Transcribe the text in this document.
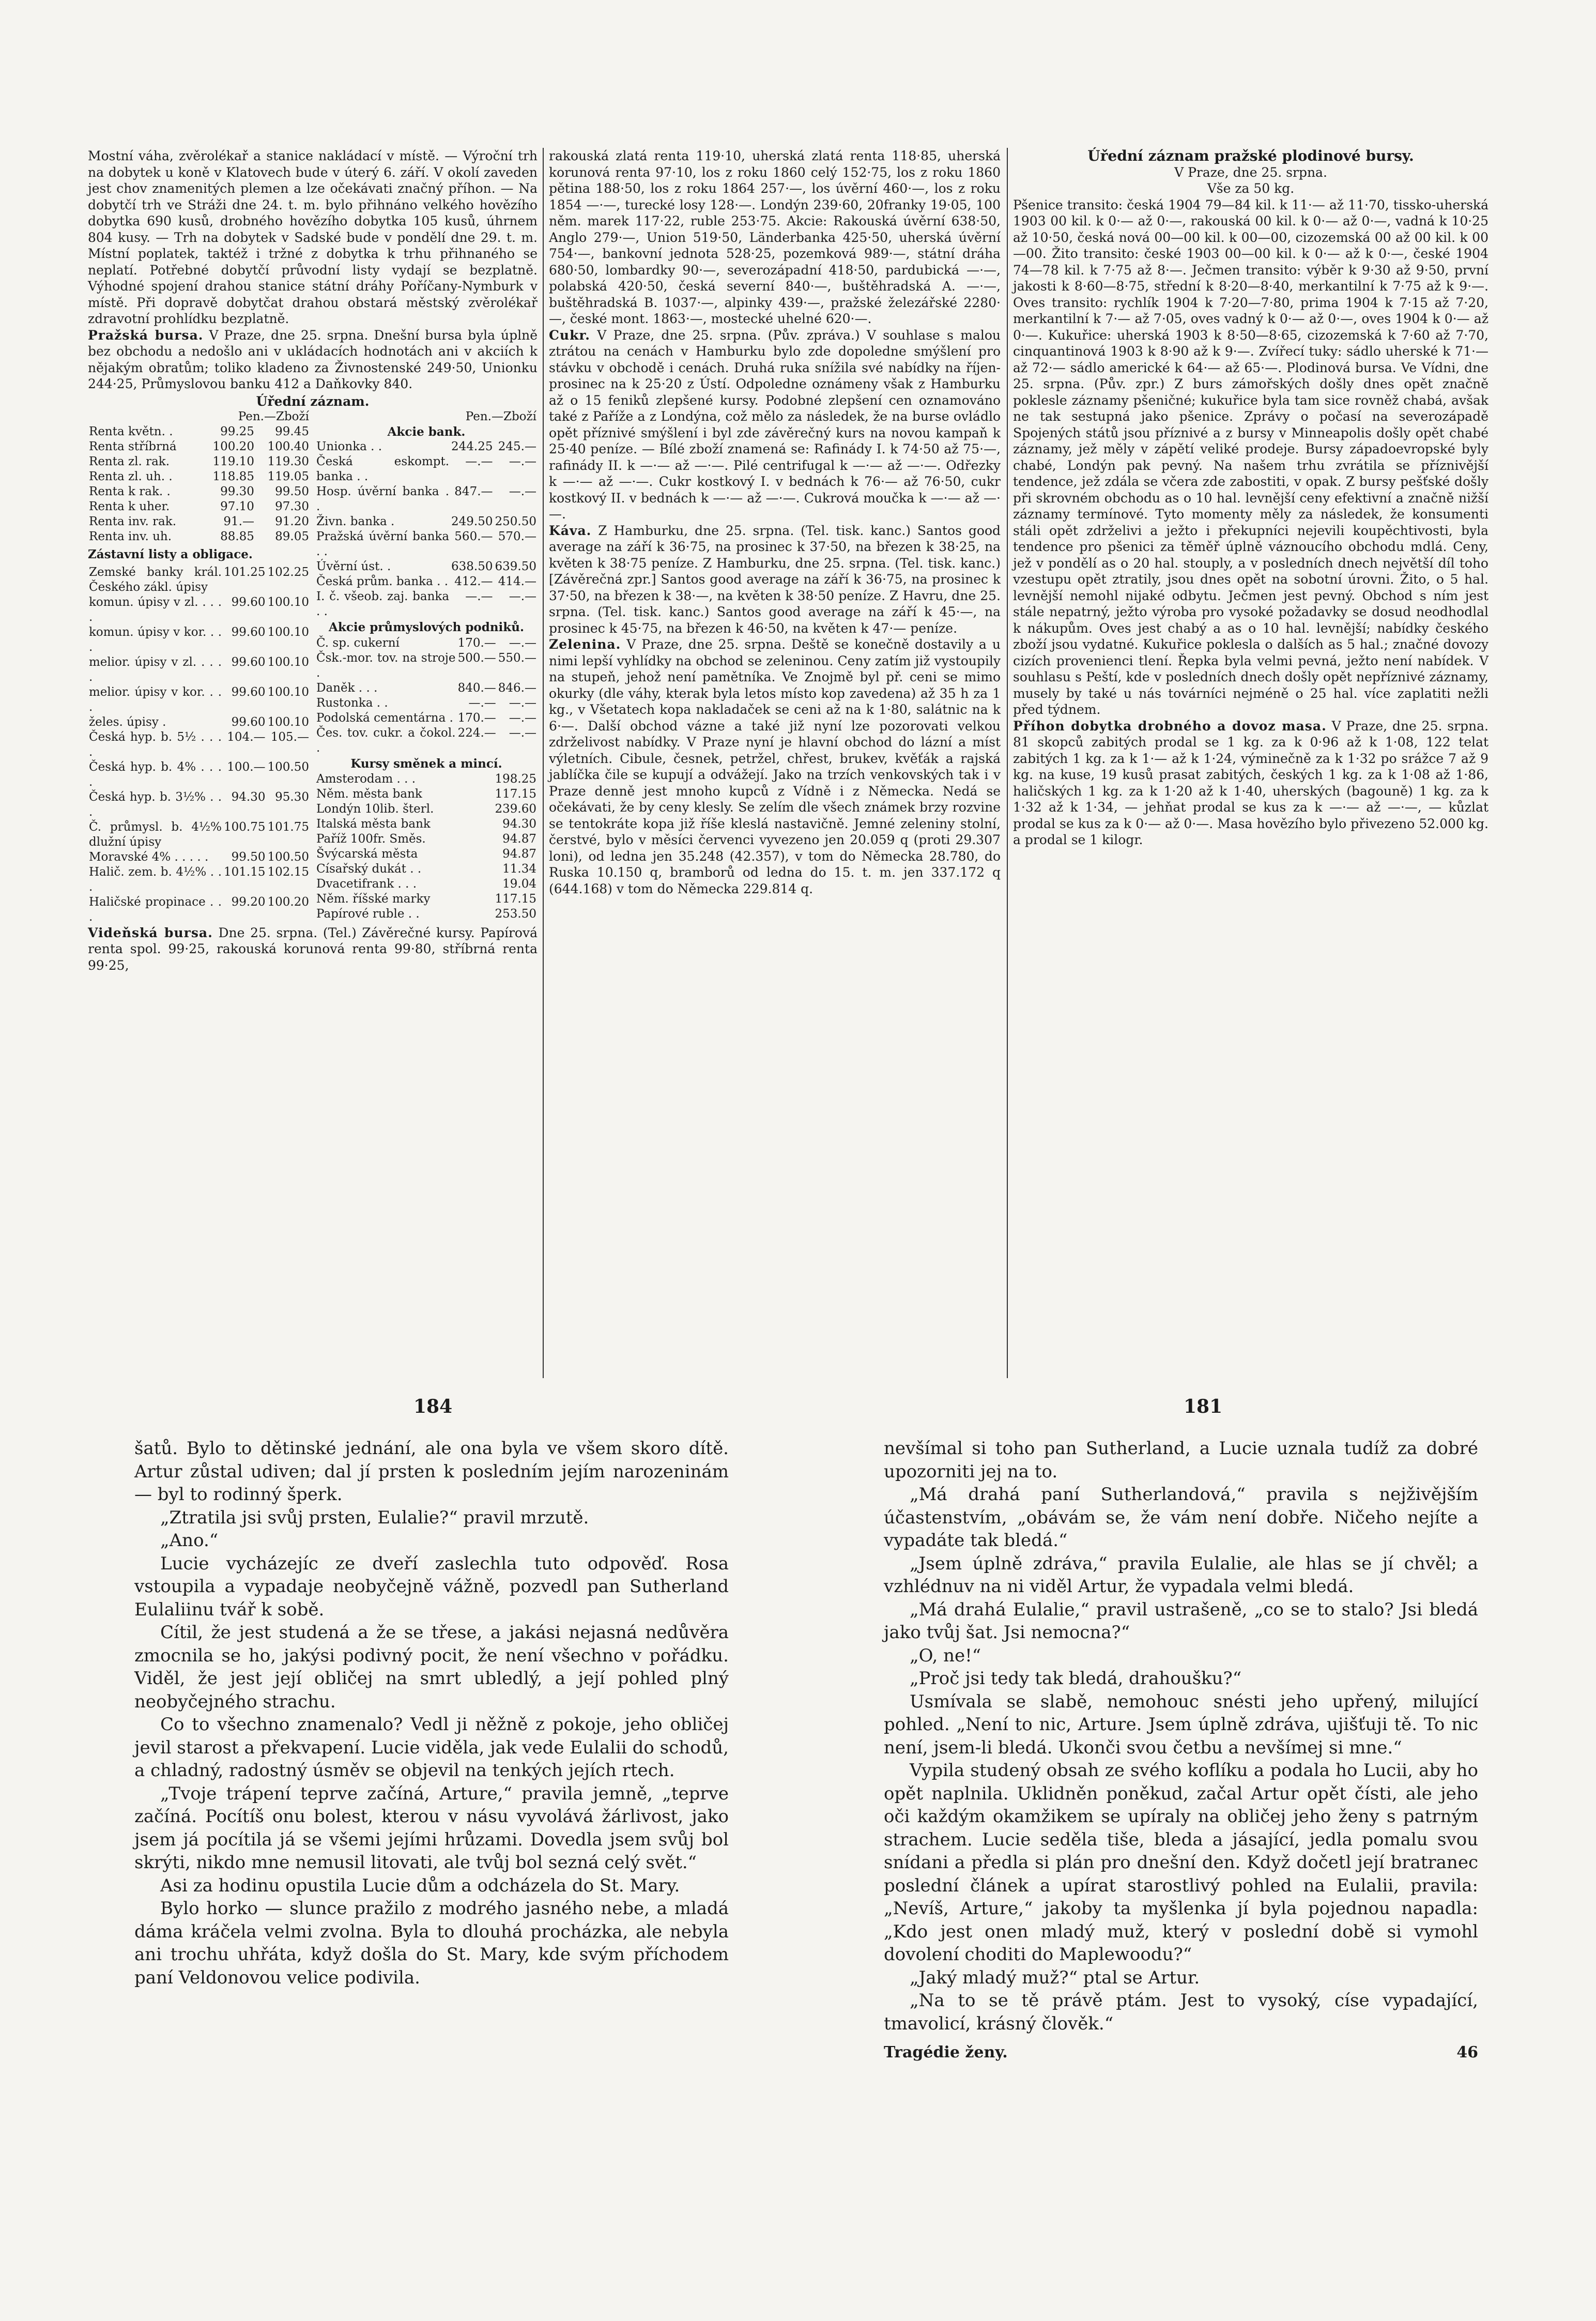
Mostní váha, zvěrolékař a stanice nakládací v místě. — Výroční trh na dobytek u koně v Klatovech bude v úterý 6. září. V okolí zaveden jest chov znamenitých plemen a lze očekávati značný příhon. — Na dobytčí trh ve Stráži dne 24. t. m. bylo přihnáno velkého hovězího dobytka 690 kusů, drobného hovězího dobytka 105 kusů, úhrnem 804 kusy. — Trh na dobytek v Sadské bude v pondělí dne 29. t. m. Místní poplatek, taktéž i tržné z dobytka k trhu přihnaného se neplatí. Potřebné dobytčí průvodní listy vydají se bezplatně. Výhodné spojení drahou stanice státní dráhy Poříčany-Nymburk v místě. Při dopravě dobytčat drahou obstará městský zvěrolékař zdravotní prohlídku bezplatně.

Pražská bursa. V Praze, dne 25. srpna. Dnešní bursa byla úplně bez obchodu a nedošlo ani v ukládacích hodnotách ani v akciích k nějakým obratům; toliko kladeno za Živnostenské 249·50, Unionku 244·25, Průmyslovou banku 412 a Daňkovky 840.

Úřední záznam.

	Pen.—Zboží	
Renta květn. .	99.25	99.45
Renta stříbrná	100.20	100.40
Renta zl. rak.	119.10	119.30
Renta zl. uh. .	118.85	119.05
Renta k rak. .	99.30	99.50
Renta k uher.	97.10	97.30
Renta inv. rak.	91.—	91.20
Renta inv. uh.	88.85	89.05
Zástavní listy a obligace.
Zemské banky král. Českého zákl. úpisy	101.25	102.25
komun. úpisy v zl. . . . .	99.60	100.10
komun. úpisy v kor. . . .	99.60	100.10
melior. úpisy v zl. . . . .	99.60	100.10
melior. úpisy v kor. . . .	99.60	100.10
želes. úpisy .	99.60	100.10
Česká hyp. b. 5½ . . . .	104.—	105.—
Česká hyp. b. 4% . . . .	100.—	100.50
Česká hyp. b. 3½% . . .	94.30	95.30
Č. průmysl. b. 4½% dlužní úpisy	100.75	101.75
Moravské 4% . . . . .	99.50	100.50
Halič. zem. b. 4½% . . .	101.15	102.15
Haličské propinace . . .	99.20	100.20
	Pen.—Zboží	
Akcie bank.		
Unionka . .	244.25	245.—
Česká eskompt. banka . .	—.—	—.—
Hosp. úvěrní banka . .	847.—	—.—
Živn. banka .	249.50	250.50
Pražská úvěrní banka . .	560.—	570.—
Úvěrní úst. .	638.50	639.50
Česká prům. banka . .	412.—	414.—
I. č. všeob. zaj. banka . .	—.—	—.—
Akcie průmyslových podniků.
Č. sp. cukerní	170.—	—.—
Čsk.-mor. tov. na stroje .	500.—	550.—
Daněk . . .	840.—	846.—
Rustonka . .	—.—	—.—
Podolská cementárna .	170.—	—.—
Čes. tov. cukr. a čokol. .	224.—	—.—
Kursy směnek a mincí.
Amsterodam . . .	198.25
Něm. města bank	117.15
Londýn 10lib. šterl.	239.60
Italská města bank	94.30
Paříž 100fr. Směs.	94.87
Švýcarská města	94.87
Císařský dukát . .	11.34
Dvacetifrank . . .	19.04
Něm. říšské marky	117.15
Papírové ruble . .	253.50

Videňská bursa. Dne 25. srpna. (Tel.) Závěrečné kursy. Papírová renta spol. 99·25, rakouská korunová renta 99·80, stříbrná renta 99·25,

rakouská zlatá renta 119·10, uherská zlatá renta 118·85, uherská korunová renta 97·10, los z roku 1860 celý 152·75, los z roku 1860 pětina 188·50, los z roku 1864 257·—, los úvěrní 460·—, los z roku 1854 —·—, turecké losy 128·—. Londýn 239·60, 20franky 19·05, 100 něm. marek 117·22, ruble 253·75. Akcie: Rakouská úvěrní 638·50, Anglo 279·—, Union 519·50, Länderbanka 425·50, uherská úvěrní 754·—, bankovní jednota 528·25, pozemková 989·—, státní dráha 680·50, lombardky 90·—, severozápadní 418·50, pardubická —·—, polabská 420·50, česká severní 840·—, buštěhradská A. —·—, buštěhradská B. 1037·—, alpinky 439·—, pražské železářské 2280·—, české mont. 1863·—, mostecké uhelné 620·—.

Cukr. V Praze, dne 25. srpna. (Pův. zpráva.) V souhlase s malou ztrátou na cenách v Hamburku bylo zde dopoledne smýšlení pro stávku v obchodě i cenách. Druhá ruka snížila své nabídky na říjen-prosinec na k 25·20 z Ústí. Odpoledne oznámeny však z Hamburku až o 15 feniků zlepšené kursy. Podobné zlepšení cen oznamováno také z Paříže a z Londýna, což mělo za následek, že na burse ovládlo opět příznivé smýšlení i byl zde závěrečný kurs na novou kampaň k 25·40 peníze. — Bílé zboží znamená se: Rafinády I. k 74·50 až 75·—, rafinády II. k —·— až —·—. Pilé centrifugal k —·— až —·—. Odřezky k —·— až —·—. Cukr kostkový I. v bednách k 76·— až 76·50, cukr kostkový II. v bednách k —·— až —·—. Cukrová moučka k —·— až —·—.

Káva. Z Hamburku, dne 25. srpna. (Tel. tisk. kanc.) Santos good average na září k 36·75, na prosinec k 37·50, na březen k 38·25, na květen k 38·75 peníze. Z Hamburku, dne 25. srpna. (Tel. tisk. kanc.) [Závěrečná zpr.] Santos good average na září k 36·75, na prosinec k 37·50, na březen k 38·—, na květen k 38·50 peníze. Z Havru, dne 25. srpna. (Tel. tisk. kanc.) Santos good average na září k 45·—, na prosinec k 45·75, na březen k 46·50, na květen k 47·— peníze.

Zelenina. V Praze, dne 25. srpna. Deště se konečně dostavily a u nimi lepší vyhlídky na obchod se zeleninou. Ceny zatím již vystoupily na stupeň, jehož není pamětníka. Ve Znojmě byl př. ceni se mimo okurky (dle váhy, kterak byla letos místo kop zavedena) až 35 h za 1 kg., v Všetatech kopa nakladaček se ceni až na k 1·80, salátnic na k 6·—. Další obchod vázne a také již nyní lze pozorovati velkou zdrželivost nabídky. V Praze nyní je hlavní obchod do lázní a míst výletních. Cibule, česnek, petržel, chřest, brukev, kvěťák a rajská jablíčka čile se kupují a odvážejí. Jako na trzích venkovských tak i v Praze denně jest mnoho kupců z Vídně i z Německa. Nedá se očekávati, že by ceny klesly. Se zelím dle všech známek brzy rozvine se tentokráte kopa již říše kleslá nastavičně. Jemné zeleniny stolní, čerstvé, bylo v měsíci červenci vyvezeno jen 20.059 q (proti 29.307 loni), od ledna jen 35.248 (42.357), v tom do Německa 28.780, do Ruska 10.150 q, bramborů od ledna do 15. t. m. jen 337.172 q (644.168) v tom do Německa 229.814 q.

Úřední záznam pražské plodinové bursy.

V Praze, dne 25. srpna.

Vše za 50 kg.

Pšenice transito: česká 1904 79—84 kil. k 11·— až 11·70, tissko-uherská 1903 00 kil. k 0·— až 0·—, rakouská 00 kil. k 0·— až 0·—, vadná k 10·25 až 10·50, česká nová 00—00 kil. k 00—00, cizozemská 00 až 00 kil. k 00—00. Žito transito: české 1903 00—00 kil. k 0·— až k 0·—, české 1904 74—78 kil. k 7·75 až 8·—. Ječmen transito: výběr k 9·30 až 9·50, první jakosti k 8·60—8·75, střední k 8·20—8·40, merkantilní k 7·75 až k 9·—. Oves transito: rychlík 1904 k 7·20—7·80, prima 1904 k 7·15 až 7·20, merkantilní k 7·— až 7·05, oves vadný k 0·— až 0·—, oves 1904 k 0·— až 0·—. Kukuřice: uherská 1903 k 8·50—8·65, cizozemská k 7·60 až 7·70, cinquantinová 1903 k 8·90 až k 9·—. Zvířecí tuky: sádlo uherské k 71·— až 72·— sádlo americké k 64·— až 65·—. Plodinová bursa. Ve Vídni, dne 25. srpna. (Pův. zpr.) Z burs zámořských došly dnes opět značně poklesle záznamy pšeničné; kukuřice byla tam sice rovněž chabá, avšak ne tak sestupná jako pšenice. Zprávy o počasí na severozápadě Spojených států jsou příznivé a z bursy v Minneapolis došly opět chabé záznamy, jež měly v zápětí veliké prodeje. Bursy západoevropské byly chabé, Londýn pak pevný. Na našem trhu zvrátila se příznivější tendence, jež zdála se včera zde zabostiti, v opak. Z bursy pešťské došly při skrovném obchodu as o 10 hal. levnější ceny efektivní a značně nižší záznamy termínové. Tyto momenty měly za následek, že konsumenti stáli opět zdrželivi a ježto i překupníci nejevili koupěchtivosti, byla tendence pro pšenici za těměř úplně váznoucího obchodu mdlá. Ceny, jež v pondělí as o 20 hal. stouply, a v posledních dnech největší díl toho vzestupu opět ztratily, jsou dnes opět na sobotní úrovni. Žito, o 5 hal. levnější nemohl nijaké odbytu. Ječmen jest pevný. Obchod s ním jest stále nepatrný, ježto výroba pro vysoké požadavky se dosud neodhodlal k nákupům. Oves jest chabý a as o 10 hal. levnější; nabídky českého zboží jsou vydatné. Kukuřice poklesla o dalších as 5 hal.; značné dovozy cizích provenienci tlení. Řepka byla velmi pevná, ježto není nabídek. V souhlasu s Peští, kde v posledních dnech došly opět nepříznivé záznamy, musely by také u nás továrníci nejméně o 25 hal. více zaplatiti nežli před týdnem.

Příhon dobytka drobného a dovoz masa. V Praze, dne 25. srpna. 81 skopců zabitých prodal se 1 kg. za k 0·96 až k 1·08, 122 telat zabitých 1 kg. za k 1·— až k 1·24, výminečně za k 1·32 po srážce 7 až 9 kg. na kuse, 19 kusů prasat zabitých, českých 1 kg. za k 1·08 až 1·86, haličských 1 kg. za k 1·20 až k 1·40, uherských (bagouně) 1 kg. za k 1·32 až k 1·34, — jehňat prodal se kus za k —·— až —·—, — kůzlat prodal se kus za k 0·— až 0·—. Masa hovězího bylo přivezeno 52.000 kg. a prodal se 1 kilogr.

184	181

šatů. Bylo to dětinské jednání, ale ona byla ve všem skoro dítě. Artur zůstal udiven; dal jí prsten k posledním jejím narozeninám — byl to rodinný šperk.

„Ztratila jsi svůj prsten, Eulalie?“ pravil mrzutě.

„Ano.“

Lucie vycházejíc ze dveří zaslechla tuto odpověď. Rosa vstoupila a vypadaje neobyčejně vážně, pozvedl pan Sutherland Eulaliinu tvář k sobě.

Cítil, že jest studená a že se třese, a jakási nejasná nedůvěra zmocnila se ho, jakýsi podivný pocit, že není všechno v pořádku. Viděl, že jest její obličej na smrt ubledlý, a její pohled plný neobyčejného strachu.

Co to všechno znamenalo? Vedl ji něžně z pokoje, jeho obličej jevil starost a překvapení. Lucie viděla, jak vede Eulalii do schodů, a chladný, radostný úsměv se objevil na tenkých jejích rtech.

„Tvoje trápení teprve začíná, Arture,“ pravila jemně, „teprve začíná. Pocítíš onu bolest, kterou v násu vyvolává žárlivost, jako jsem já pocítila já se všemi jejími hrůzami. Dovedla jsem svůj bol skrýti, nikdo mne nemusil litovati, ale tvůj bol sezná celý svět.“

Asi za hodinu opustila Lucie dům a odcházela do St. Mary.

Bylo horko — slunce pražilo z modrého jasného nebe, a mladá dáma kráčela velmi zvolna. Byla to dlouhá procházka, ale nebyla ani trochu uhřáta, když došla do St. Mary, kde svým příchodem paní Veldonovou velice podivila.

nevšímal si toho pan Sutherland, a Lucie uznala tudíž za dobré upozorniti jej na to.

„Má drahá paní Sutherlandová,“ pravila s nejživějším účastenstvím, „obávám se, že vám není dobře. Ničeho nejíte a vypadáte tak bledá.“

„Jsem úplně zdráva,“ pravila Eulalie, ale hlas se jí chvěl; a vzhlédnuv na ni viděl Artur, že vypadala velmi bledá.

„Má drahá Eulalie,“ pravil ustrašeně, „co se to stalo? Jsi bledá jako tvůj šat. Jsi nemocna?“

„O, ne!“

„Proč jsi tedy tak bledá, drahoušku?“

Usmívala se slabě, nemohouc snésti jeho upřený, milující pohled. „Není to nic, Arture. Jsem úplně zdráva, ujišťuji tě. To nic není, jsem-li bledá. Ukonči svou četbu a nevšímej si mne.“

Vypila studený obsah ze svého koflíku a podala ho Lucii, aby ho opět naplnila. Uklidněn poněkud, začal Artur opět čísti, ale jeho oči každým okamžikem se upíraly na obličej jeho ženy s patrným strachem. Lucie seděla tiše, bleda a jásající, jedla pomalu svou snídani a předla si plán pro dnešní den. Když dočetl její bratranec poslední článek a upírat starostlivý pohled na Eulalii, pravila: „Nevíš, Arture,“ jakoby ta myšlenka jí byla pojednou napadla: „Kdo jest onen mladý muž, který v poslední době si vymohl dovolení choditi do Maplewoodu?“

„Jaký mladý muž?“ ptal se Artur.

„Na to se tě právě ptám. Jest to vysoký, císe vypadající, tmavolicí, krásný člověk.“

Tragédie ženy.	46
